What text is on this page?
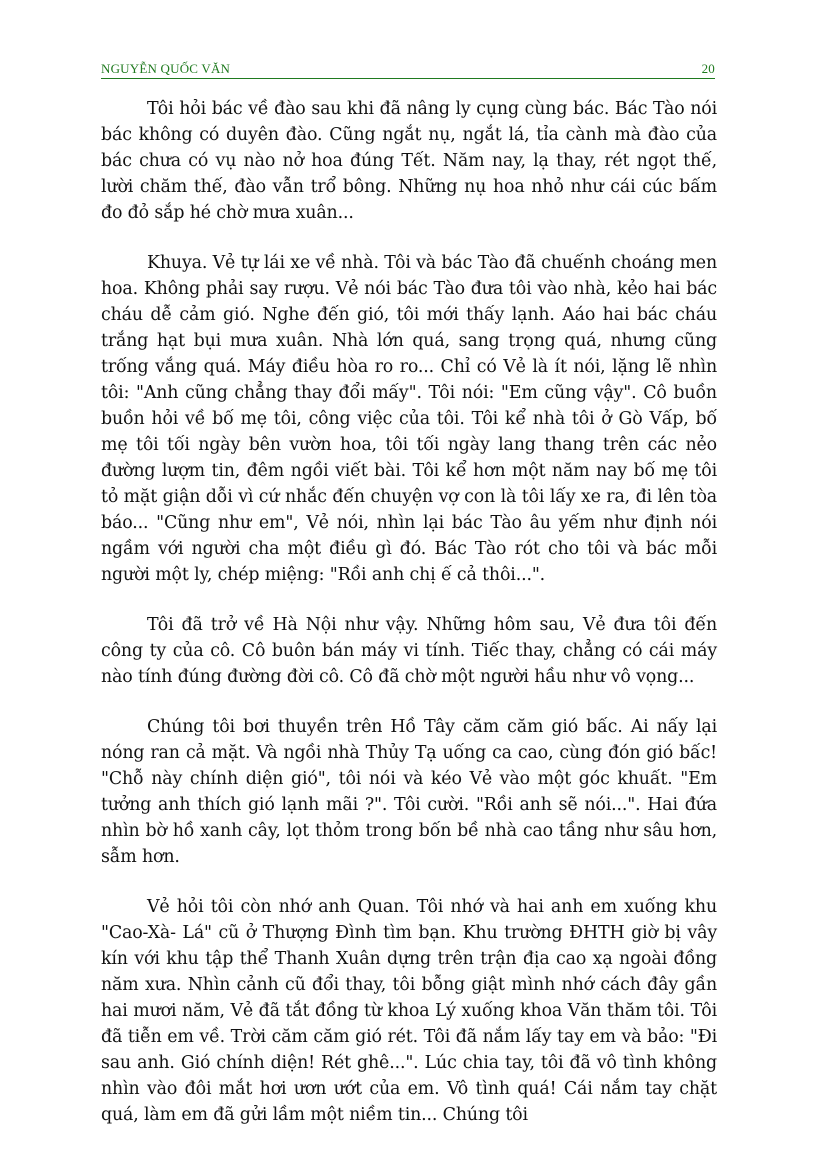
NGUYỄN QUỐC VĂN	20

Tôi hỏi bác về đào sau khi đã nâng ly cụng cùng bác. Bác Tào nói bác không có duyên đào. Cũng ngắt nụ, ngắt lá, tỉa cành mà đào của bác chưa có vụ nào nở hoa đúng Tết. Năm nay, lạ thay, rét ngọt thế, lười chăm thế, đào vẫn trổ bông. Những nụ hoa nhỏ như cái cúc bấm đo đỏ sắp hé chờ mưa xuân...

Khuya. Vẻ tự lái xe về nhà. Tôi và bác Tào đã chuếnh choáng men hoa. Không phải say rượu. Vẻ nói bác Tào đưa tôi vào nhà, kẻo hai bác cháu dễ cảm gió. Nghe đến gió, tôi mới thấy lạnh. Aáo hai bác cháu trắng hạt bụi mưa xuân. Nhà lớn quá, sang trọng quá, nhưng cũng trống vắng quá. Máy điều hòa ro ro... Chỉ có Vẻ là ít nói, lặng lẽ nhìn tôi: "Anh cũng chẳng thay đổi mấy". Tôi nói: "Em cũng vậy". Cô buồn buồn hỏi về bố mẹ tôi, công việc của tôi. Tôi kể nhà tôi ở Gò Vấp, bố mẹ tôi tối ngày bên vườn hoa, tôi tối ngày lang thang trên các nẻo đường lượm tin, đêm ngồi viết bài. Tôi kể hơn một năm nay bố mẹ tôi tỏ mặt giận dỗi vì cứ nhắc đến chuyện vợ con là tôi lấy xe ra, đi lên tòa báo... "Cũng như em", Vẻ nói, nhìn lại bác Tào âu yếm như định nói ngầm với người cha một điều gì đó. Bác Tào rót cho tôi và bác mỗi người một ly, chép miệng: "Rồi anh chị ế cả thôi...".

Tôi đã trở về Hà Nội như vậy. Những hôm sau, Vẻ đưa tôi đến công ty của cô. Cô buôn bán máy vi tính. Tiếc thay, chẳng có cái máy nào tính đúng đường đời cô. Cô đã chờ một người hầu như vô vọng...

Chúng tôi bơi thuyền trên Hồ Tây căm căm gió bấc. Ai nấy lại nóng ran cả mặt. Và ngồi nhà Thủy Tạ uống ca cao, cùng đón gió bấc! "Chỗ này chính diện gió", tôi nói và kéo Vẻ vào một góc khuất. "Em tưởng anh thích gió lạnh mãi ?". Tôi cười. "Rồi anh sẽ nói...". Hai đứa nhìn bờ hồ xanh cây, lọt thỏm trong bốn bề nhà cao tầng như sâu hơn, sẫm hơn.

Vẻ hỏi tôi còn nhớ anh Quan. Tôi nhớ và hai anh em xuống khu "Cao-Xà- Lá" cũ ở Thượng Đình tìm bạn. Khu trường ĐHTH giờ bị vây kín với khu tập thể Thanh Xuân dựng trên trận địa cao xạ ngoài đồng năm xưa. Nhìn cảnh cũ đổi thay, tôi bỗng giật mình nhớ cách đây gần hai mươi năm, Vẻ đã tắt đồng từ khoa Lý xuống khoa Văn thăm tôi. Tôi đã tiễn em về. Trời căm căm gió rét. Tôi đã nắm lấy tay em và bảo: "Đi sau anh. Gió chính diện! Rét ghê...". Lúc chia tay, tôi đã vô tình không nhìn vào đôi mắt hơi ươn ướt của em. Vô tình quá! Cái nắm tay chặt quá, làm em đã gửi lầm một niềm tin... Chúng tôi
